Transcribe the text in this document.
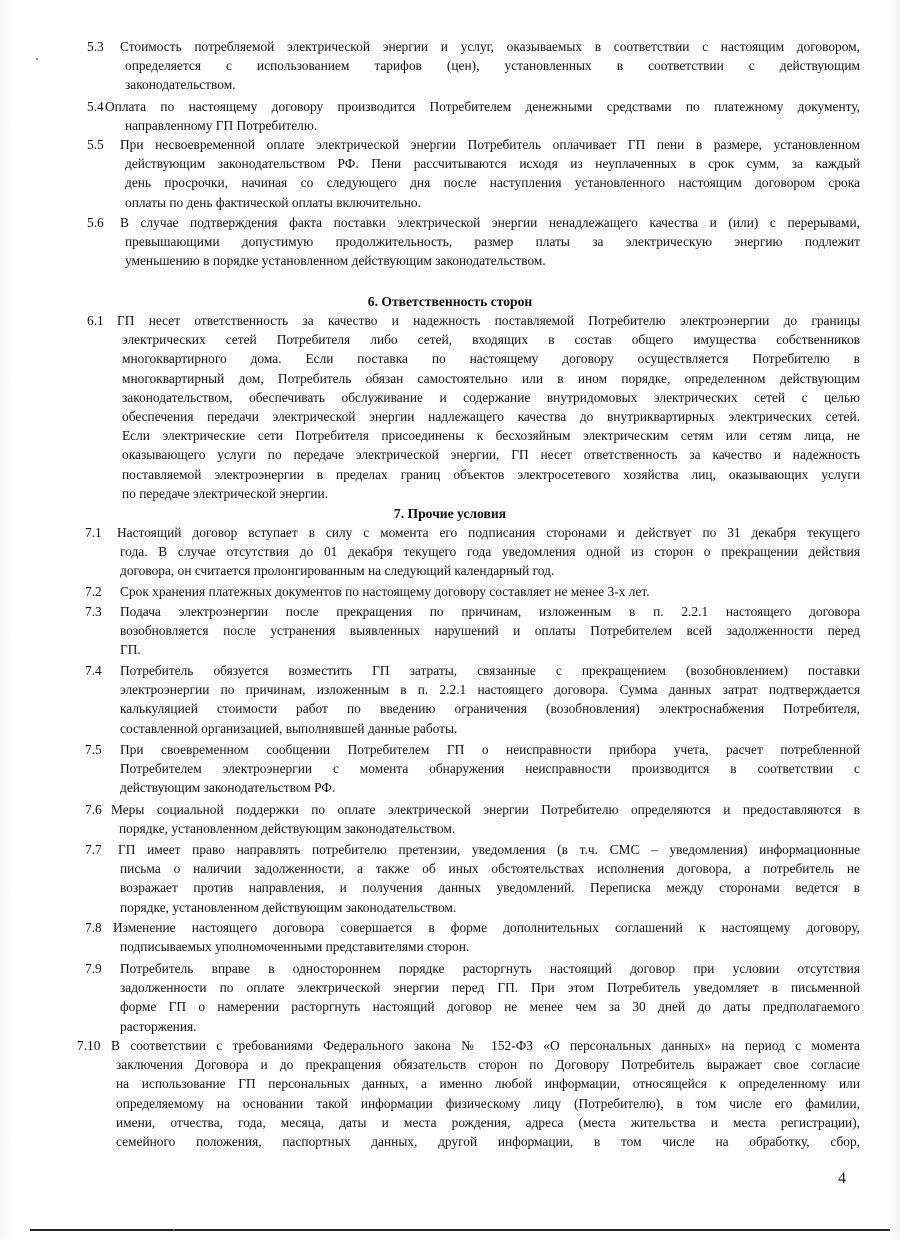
6. Ответственность сторон
7. Прочие условия
5.3 Стоимость потребляемой электрической энергии и услуг, оказываемых в соответствии с настоящим договором,
определяется с использованием тарифов (цен), установленных в соответствии с действующим
законодательством.
5.4 Оплата по настоящему договору производится Потребителем денежными средствами по платежному документу,
направленному ГП Потребителю.
5.5 При несвоевременной оплате электрической энергии Потребитель оплачивает ГП пени в размере, установленном
действующим законодательством РФ. Пени рассчитываются исходя из неуплаченных в срок сумм, за каждый
день просрочки, начиная со следующего дня после наступления установленного настоящим договором срока
оплаты по день фактической оплаты включительно.
5.6 В случае подтверждения факта поставки электрической энергии ненадлежащего качества и (или) с перерывами,
превышающими допустимую продолжительность, размер платы за электрическую энергию подлежит
уменьшению в порядке установленном действующим законодательством.
6.1 ГП несет ответственность за качество и надежность поставляемой Потребителю электроэнергии до границы
электрических сетей Потребителя либо сетей, входящих в состав общего имущества собственников
многоквартирного дома. Если поставка по настоящему договору осуществляется Потребителю в
многоквартирный дом, Потребитель обязан самостоятельно или в ином порядке, определенном действующим
законодательством, обеспечивать обслуживание и содержание внутридомовых электрических сетей с целью
обеспечения передачи электрической энергии надлежащего качества до внутриквартирных электрических сетей.
Если электрические сети Потребителя присоединены к бесхозяйным электрическим сетям или сетям лица, не
оказывающего услуги по передаче электрической энергии, ГП несет ответственность за качество и надежность
поставляемой электроэнергии в пределах границ объектов электросетевого хозяйства лиц, оказывающих услуги
по передаче электрической энергии.
7.1 Настоящий договор вступает в силу с момента его подписания сторонами и действует по 31 декабря текущего
года. В случае отсутствия до 01 декабря текущего года уведомления одной из сторон о прекращении действия
договора, он считается пролонгированным на следующий календарный год.
7.2 Срок хранения платежных документов по настоящему договору составляет не менее 3-х лет.
7.3 Подача электроэнергии после прекращения по причинам, изложенным в п. 2.2.1 настоящего договора
возобновляется после устранения выявленных нарушений и оплаты Потребителем всей задолженности перед
ГП.
7.4 Потребитель обязуется возместить ГП затраты, связанные с прекращением (возобновлением) поставки
электроэнергии по причинам, изложенным в п. 2.2.1 настоящего договора. Сумма данных затрат подтверждается
калькуляцией стоимости работ по введению ограничения (возобновления) электроснабжения Потребителя,
составленной организацией, выполнявшей данные работы.
7.5 При своевременном сообщении Потребителем ГП о неисправности прибора учета, расчет потребленной
Потребителем электроэнергии с момента обнаружения неисправности производится в соответствии с
действующим законодательством РФ.
7.6 Меры социальной поддержки по оплате электрической энергии Потребителю определяются и предоставляются в
порядке, установленном действующим законодательством.
7.7 ГП имеет право направлять потребителю претензии, уведомления (в т.ч. СМС – уведомления) информационные
письма о наличии задолженности, а также об иных обстоятельствах исполнения договора, а потребитель не
возражает против направления, и получения данных уведомлений. Переписка между сторонами ведется в
порядке, установленном действующим законодательством.
7.8 Изменение настоящего договора совершается в форме дополнительных соглашений к настоящему договору,
подписываемых уполномоченными представителями сторон.
7.9 Потребитель вправе в одностороннем порядке расторгнуть настоящий договор при условии отсутствия
задолженности по оплате электрической энергии перед ГП. При этом Потребитель уведомляет в письменной
форме ГП о намерении расторгнуть настоящий договор не менее чем за 30 дней до даты предполагаемого
расторжения.
7.10 В соответствии с требованиями Федерального закона № 152-ФЗ «О персональных данных» на период с момента
заключения Договора и до прекращения обязательств сторон по Договору Потребитель выражает свое согласие
на использование ГП персональных данных, а именно любой информации, относящейся к определенному или
определяемому на основании такой информации физическому лицу (Потребителю), в том числе его фамилии,
имени, отчества, года, месяца, даты и места рождения, адреса (места жительства и места регистрации),
семейного положения, паспортных данных, другой информации, в том числе на обработку, сбор,
4
